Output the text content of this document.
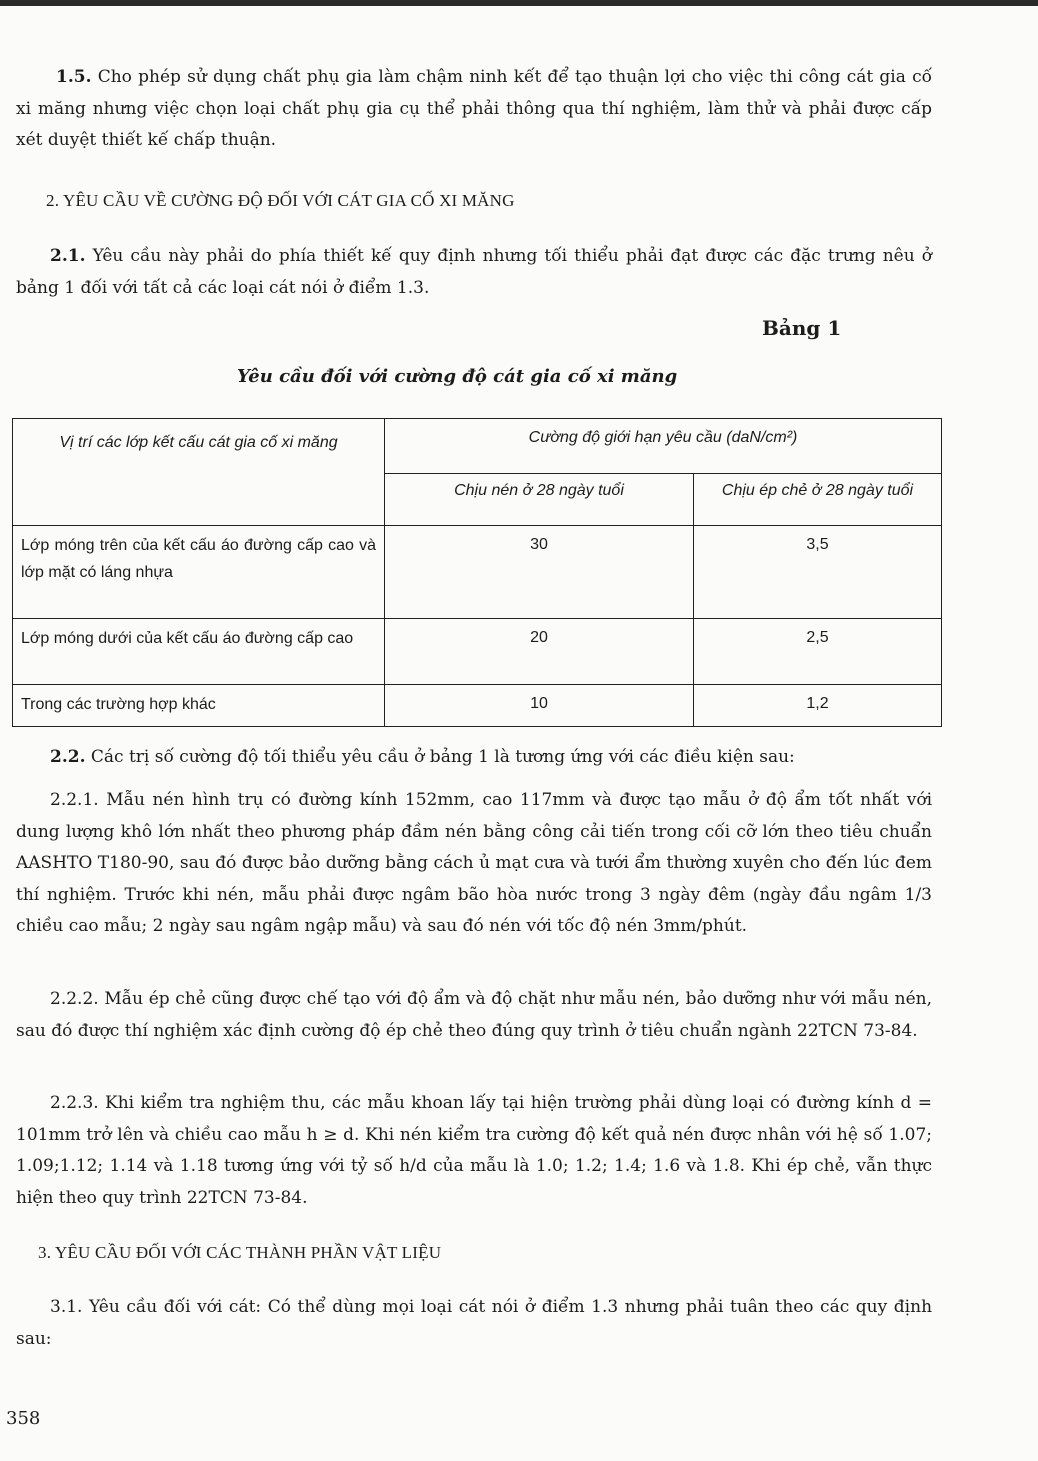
1.5. Cho phép sử dụng chất phụ gia làm chậm ninh kết để tạo thuận lợi cho việc thi công cát gia cố xi măng nhưng việc chọn loại chất phụ gia cụ thể phải thông qua thí nghiệm, làm thử và phải được cấp xét duyệt thiết kế chấp thuận.

2. YÊU CẦU VỀ CƯỜNG ĐỘ ĐỐI VỚI CÁT GIA CỐ XI MĂNG

2.1. Yêu cầu này phải do phía thiết kế quy định nhưng tối thiểu phải đạt được các đặc trưng nêu ở bảng 1 đối với tất cả các loại cát nói ở điểm 1.3.

Bảng 1
Yêu cầu đối với cường độ cát gia cố xi măng
Vị trí các lớp kết cấu cát gia cố xi măng	Cường độ giới hạn yêu cầu (daN/cm²)	
	Chịu nén ở 28 ngày tuổi	Chịu ép chẻ ở 28 ngày tuổi
Lớp móng trên của kết cấu áo đường cấp cao và lớp mặt có láng nhựa	30	3,5
Lớp móng dưới của kết cấu áo đường cấp cao	20	2,5
Trong các trường hợp khác	10	1,2

2.2. Các trị số cường độ tối thiểu yêu cầu ở bảng 1 là tương ứng với các điều kiện sau:

2.2.1. Mẫu nén hình trụ có đường kính 152mm, cao 117mm và được tạo mẫu ở độ ẩm tốt nhất với dung lượng khô lớn nhất theo phương pháp đầm nén bằng công cải tiến trong cối cỡ lớn theo tiêu chuẩn AASHTO T180-90, sau đó được bảo dưỡng bằng cách ủ mạt cưa và tưới ẩm thường xuyên cho đến lúc đem thí nghiệm. Trước khi nén, mẫu phải được ngâm bão hòa nước trong 3 ngày đêm (ngày đầu ngâm 1/3 chiều cao mẫu; 2 ngày sau ngâm ngập mẫu) và sau đó nén với tốc độ nén 3mm/phút.

2.2.2. Mẫu ép chẻ cũng được chế tạo với độ ẩm và độ chặt như mẫu nén, bảo dưỡng như với mẫu nén, sau đó được thí nghiệm xác định cường độ ép chẻ theo đúng quy trình ở tiêu chuẩn ngành 22TCN 73-84.

2.2.3. Khi kiểm tra nghiệm thu, các mẫu khoan lấy tại hiện trường phải dùng loại có đường kính d = 101mm trở lên và chiều cao mẫu h ≥ d. Khi nén kiểm tra cường độ kết quả nén được nhân với hệ số 1.07; 1.09;1.12; 1.14 và 1.18 tương ứng với tỷ số h/d của mẫu là 1.0; 1.2; 1.4; 1.6 và 1.8. Khi ép chẻ, vẫn thực hiện theo quy trình 22TCN 73-84.

3. YÊU CẦU ĐỐI VỚI CÁC THÀNH PHẦN VẬT LIỆU

3.1. Yêu cầu đối với cát: Có thể dùng mọi loại cát nói ở điểm 1.3 nhưng phải tuân theo các quy định sau:

358
